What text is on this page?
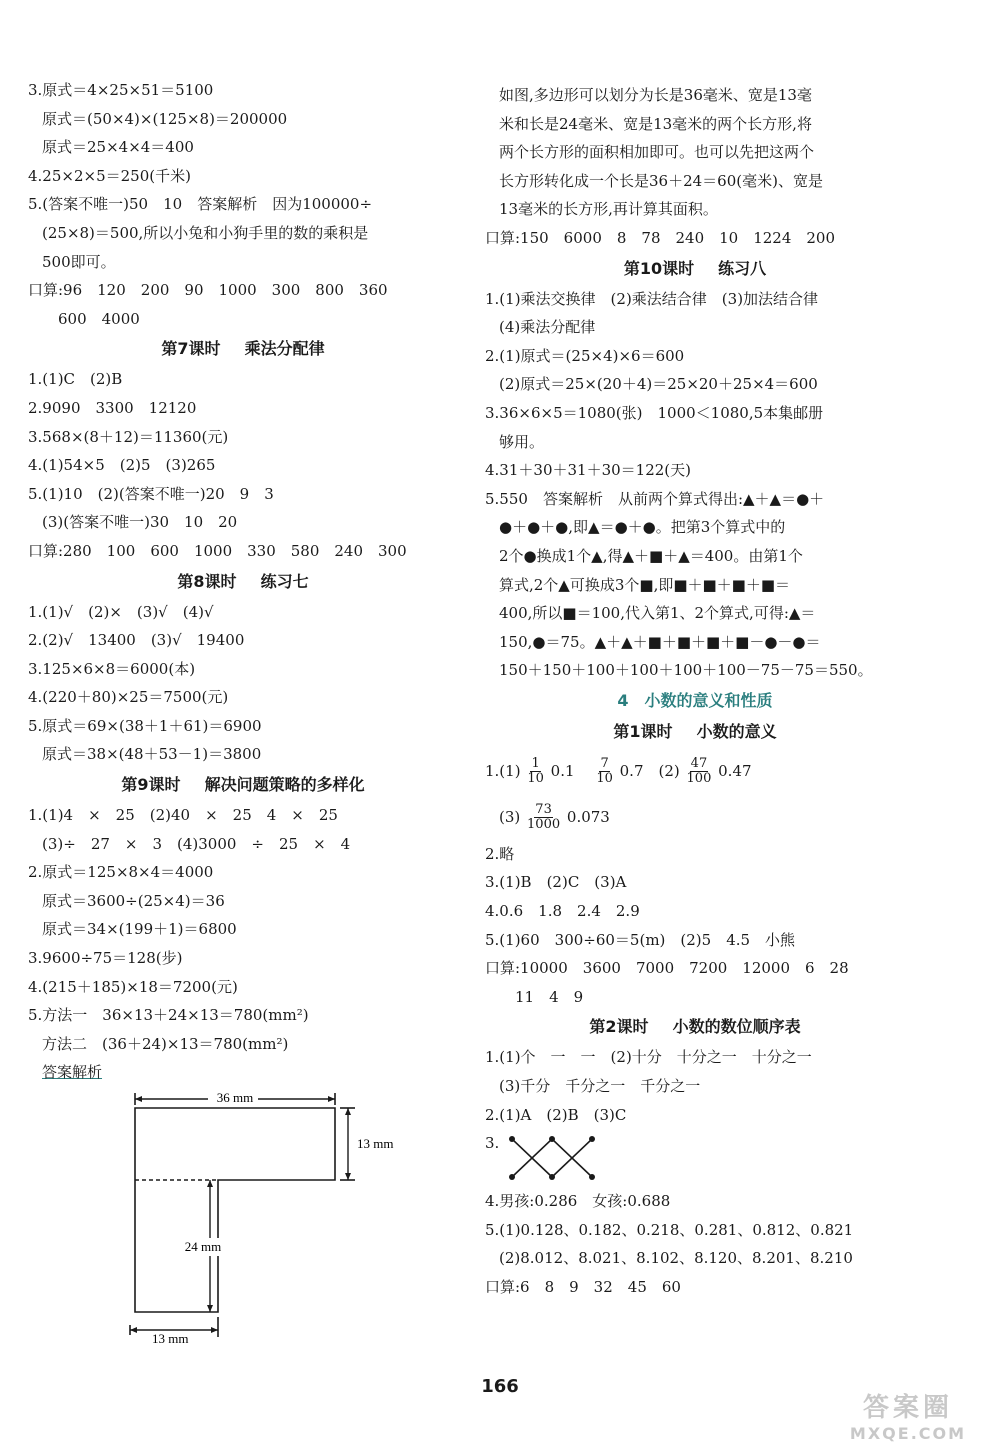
3.原式＝4×25×51＝5100
原式＝(50×4)×(125×8)＝200000
原式＝25×4×4＝400
4.25×2×5＝250(千米)
5.(答案不唯一)50　10　答案解析　因为100000÷
(25×8)＝500,所以小兔和小狗手里的数的乘积是
500即可。
口算:96　120　200　90　1000　300　800　360
600　4000
第7课时 乘法分配律
1.(1)C　(2)B
2.9090　3300　12120
3.568×(8＋12)＝11360(元)
4.(1)54×5　(2)5　(3)265
5.(1)10　(2)(答案不唯一)20　9　3
(3)(答案不唯一)30　10　20
口算:280　100　600　1000　330　580　240　300
第8课时 练习七
1.(1)√　(2)×　(3)√　(4)√
2.(2)√　13400　(3)√　19400
3.125×6×8＝6000(本)
4.(220＋80)×25＝7500(元)
5.原式＝69×(38＋1＋61)＝6900
原式＝38×(48＋53－1)＝3800
第9课时 解决问题策略的多样化
1.(1)4　×　25　(2)40　×　25　4　×　25
(3)÷　27　×　3　(4)3000　÷　25　×　4
2.原式＝125×8×4＝4000
原式＝3600÷(25×4)＝36
原式＝34×(199＋1)＝6800
3.9600÷75＝128(步)
4.(215＋185)×18＝7200(元)
5.方法一　36×13＋24×13＝780(mm²)
方法二　(36＋24)×13＝780(mm²)
答案解析
36 mm
13 mm
24 mm
13 mm
如图,多边形可以划分为长是36毫米、宽是13毫
米和长是24毫米、宽是13毫米的两个长方形,将
两个长方形的面积相加即可。也可以先把这两个
长方形转化成一个长是36＋24＝60(毫米)、宽是
13毫米的长方形,再计算其面积。
口算:150　6000　8　78　240　10　1224　200
第10课时 练习八
1.(1)乘法交换律　(2)乘法结合律　(3)加法结合律
(4)乘法分配律
2.(1)原式＝(25×4)×6＝600
(2)原式＝25×(20＋4)＝25×20＋25×4＝600
3.36×6×5＝1080(张)　1000＜1080,5本集邮册
够用。
4.31＋30＋31＋30＝122(天)
5.550　答案解析　从前两个算式得出:▲＋▲＝●＋
●＋●＋●,即▲＝●＋●。把第3个算式中的
2个●换成1个▲,得▲＋■＋▲＝400。由第1个
算式,2个▲可换成3个■,即■＋■＋■＋■＝
400,所以■＝100,代入第1、2个算式,可得:▲＝
150,●＝75。▲＋▲＋■＋■＋■＋■－●－●＝
150＋150＋100＋100＋100＋100－75－75＝550。
4　小数的意义和性质
第1课时 小数的意义
$1.(1) \frac{1}{10} 0.1$　 $\frac{7}{10} 0.7$　$(2) \frac{47}{100} 0.47$
$(3) \frac{73}{1000} 0.073$
2.略
3.(1)B　(2)C　(3)A
4.0.6　1.8　2.4　2.9
5.(1)60　300÷60＝5(m)　(2)5　4.5　小熊
口算:10000　3600　7000　7200　12000　6　28
11　4　9
第2课时 小数的数位顺序表
1.(1)个　一　一　(2)十分　十分之一　十分之一
(3)千分　千分之一　千分之一
2.(1)A　(2)B　(3)C
3.
4.男孩:0.286　女孩:0.688
5.(1)0.128、0.182、0.218、0.281、0.812、0.821
(2)8.012、8.021、8.102、8.120、8.201、8.210
口算:6　8　9　32　45　60
166
答案圈
MXQE.COM
